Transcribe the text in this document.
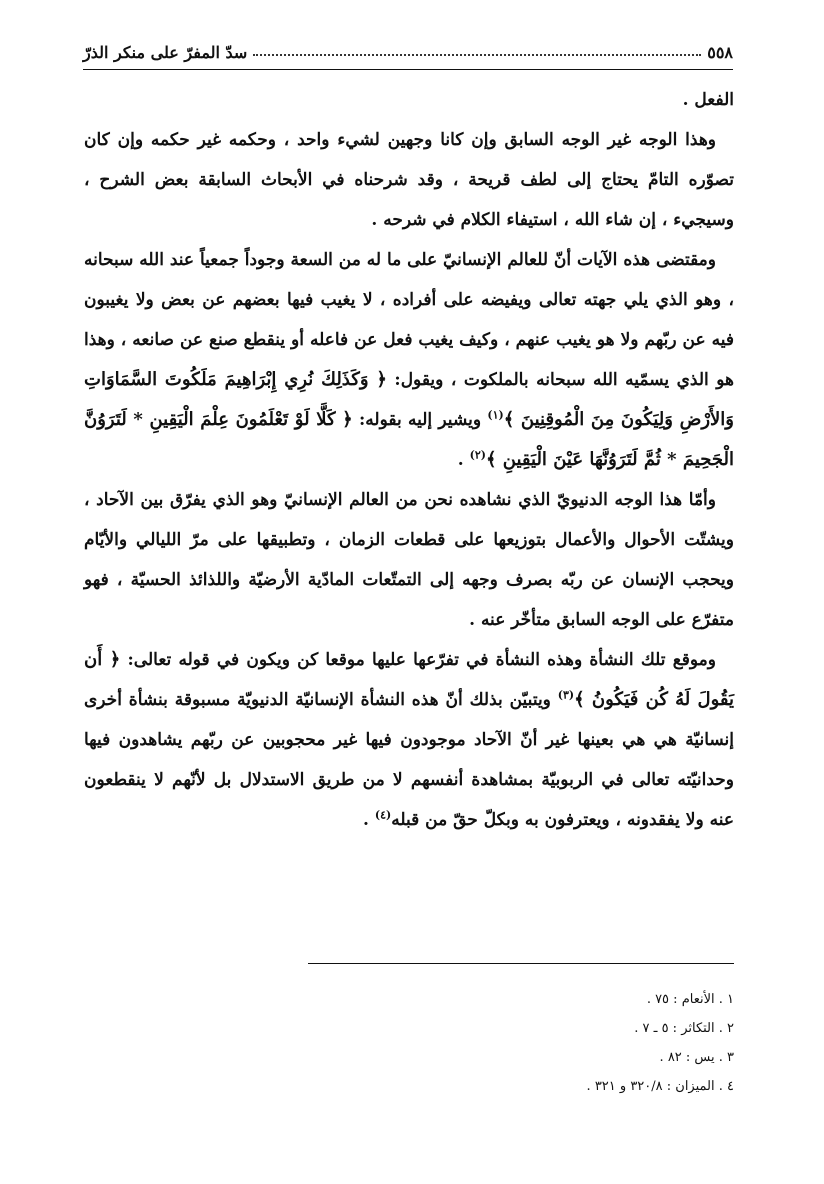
٥٥٨
سدّ المفرّ على منكر الذرّ

الفعل .

وهذا الوجه غير الوجه السابق وإن كانا وجهين لشيء واحد ، وحكمه غير حكمه وإن كان تصوّره التامّ يحتاج إلى لطف قريحة ، وقد شرحناه في الأبحاث السابقة بعض الشرح ، وسيجيء ، إن شاء الله ، استيفاء الكلام في شرحه .

ومقتضى هذه الآيات أنّ للعالم الإنسانيّ على ما له من السعة وجوداً جمعياً عند الله سبحانه ، وهو الذي يلي جهته تعالى ويفيضه على أفراده ، لا يغيب فيها بعضهم عن بعض ولا يغيبون فيه عن ربّهم ولا هو يغيب عنهم ، وكيف يغيب فعل عن فاعله أو ينقطع صنع عن صانعه ، وهذا هو الذي يسمّيه الله سبحانه بالملكوت ، ويقول: ﴿ وَكَذَلِكَ نُرِي إِبْرَاهِيمَ مَلَكُوتَ السَّمَاوَاتِ وَالأَرْضِ وَلِيَكُونَ مِنَ الْمُوقِنِينَ ﴾$^{(١)}$ ويشير إليه بقوله: ﴿ كَلَّا لَوْ تَعْلَمُونَ عِلْمَ الْيَقِينِ * لَتَرَوُنَّ الْجَحِيمَ * ثُمَّ لَتَرَوُنَّهَا عَيْنَ الْيَقِينِ ﴾$^{(٢)}$ .

وأمّا هذا الوجه الدنيويّ الذي نشاهده نحن من العالم الإنسانيّ وهو الذي يفرّق بين الآحاد ، ويشتّت الأحوال والأعمال بتوزيعها على قطعات الزمان ، وتطبيقها على مرّ الليالي والأيّام ويحجب الإنسان عن ربّه بصرف وجهه إلى التمتّعات المادّية الأرضيّة واللذائذ الحسيّة ، فهو متفرّع على الوجه السابق متأخّر عنه .

وموقع تلك النشأة وهذه النشأة في تفرّعها عليها موقعا كن ويكون في قوله تعالى: ﴿ أَن يَقُولَ لَهُ كُن فَيَكُونُ ﴾$^{(٣)}$ ويتبيّن بذلك أنّ هذه النشأة الإنسانيّة الدنيويّة مسبوقة بنشأة أخرى إنسانيّة هي هي بعينها غير أنّ الآحاد موجودون فيها غير محجوبين عن ربّهم يشاهدون فيها وحدانيّته تعالى في الربوبيّة بمشاهدة أنفسهم لا من طريق الاستدلال بل لأنّهم لا ينقطعون عنه ولا يفقدونه ، ويعترفون به وبكلّ حقّ من قبله$^{(٤)}$ .

١ . الأنعام : ٧٥ .
٢ . التكاثر : ٥ ـ ٧ .
٣ . يس : ٨٢ .
٤ . الميزان : ٣٢٠/٨ و ٣٢١ .
